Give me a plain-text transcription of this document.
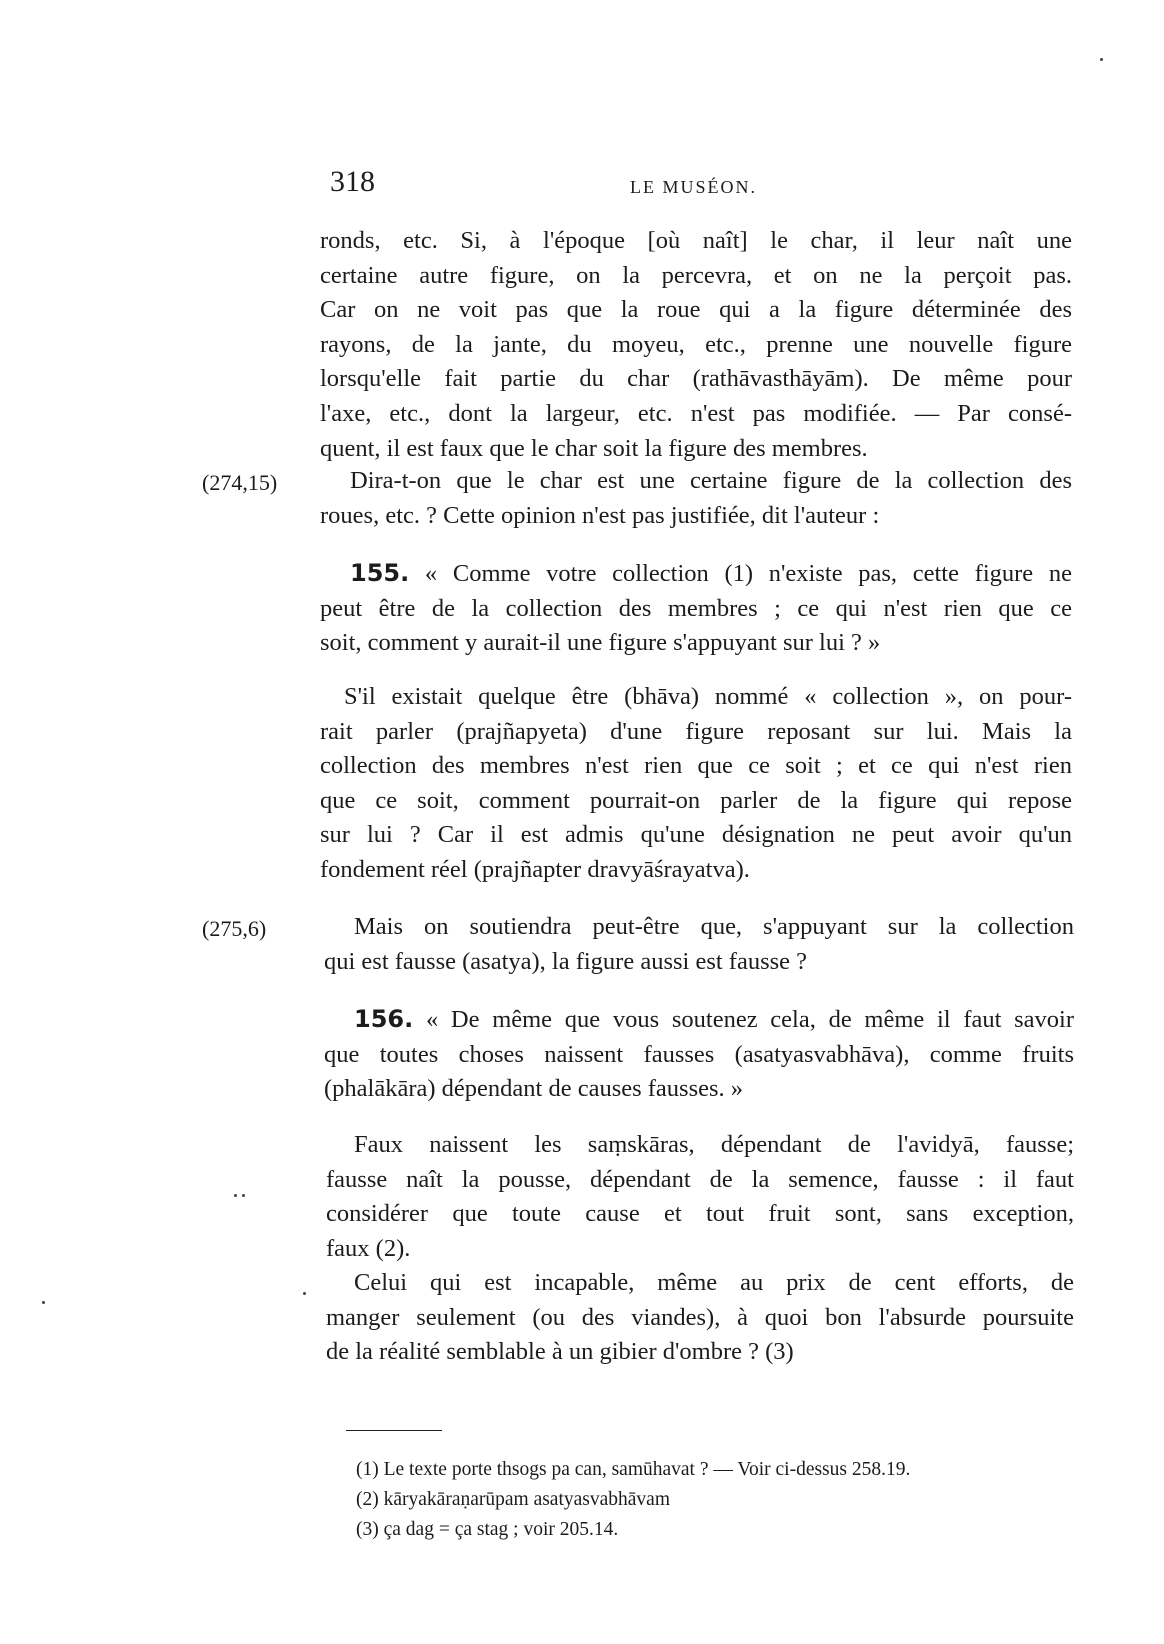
318	LE MUSÉON.
ronds, etc. Si, à l'époque [où naît] le char, il leur naît une
certaine autre figure, on la percevra, et on ne la perçoit pas.
Car on ne voit pas que la roue qui a la figure déterminée des
rayons, de la jante, du moyeu, etc., prenne une nouvelle figure
lorsqu'elle fait partie du char (rathāvasthāyām). De même pour
l'axe, etc., dont la largeur, etc. n'est pas modifiée. — Par consé-
quent, il est faux que le char soit la figure des membres.
(274,15)	Dira-t-on que le char est une certaine figure de la collection des
roues, etc. ? Cette opinion n'est pas justifiée, dit l'auteur :
155. « Comme votre collection (1) n'existe pas, cette figure ne
peut être de la collection des membres ; ce qui n'est rien que ce
soit, comment y aurait-il une figure s'appuyant sur lui ? »
S'il existait quelque être (bhāva) nommé « collection », on pour-
rait parler (prajñapyeta) d'une figure reposant sur lui. Mais la
collection des membres n'est rien que ce soit ; et ce qui n'est rien
que ce soit, comment pourrait-on parler de la figure qui repose
sur lui ? Car il est admis qu'une désignation ne peut avoir qu'un
fondement réel (prajñapter dravyāśrayatva).
(275,6)	Mais on soutiendra peut-être que, s'appuyant sur la collection
qui est fausse (asatya), la figure aussi est fausse ?
156. « De même que vous soutenez cela, de même il faut savoir
que toutes choses naissent fausses (asatyasvabhāva), comme fruits
(phalākāra) dépendant de causes fausses. »
Faux naissent les saṃskāras, dépendant de l'avidyā, fausse;
fausse naît la pousse, dépendant de la semence, fausse : il faut
considérer que toute cause et tout fruit sont, sans exception,
faux (2).
Celui qui est incapable, même au prix de cent efforts, de
manger seulement (ou des viandes), à quoi bon l'absurde poursuite
de la réalité semblable à un gibier d'ombre ? (3)
(1) Le texte porte thsogs pa can, samūhavat ? — Voir ci-dessus 258.19.
(2) kāryakāraṇarūpam asatyasvabhāvam
(3) ça dag = ça stag ; voir 205.14.
